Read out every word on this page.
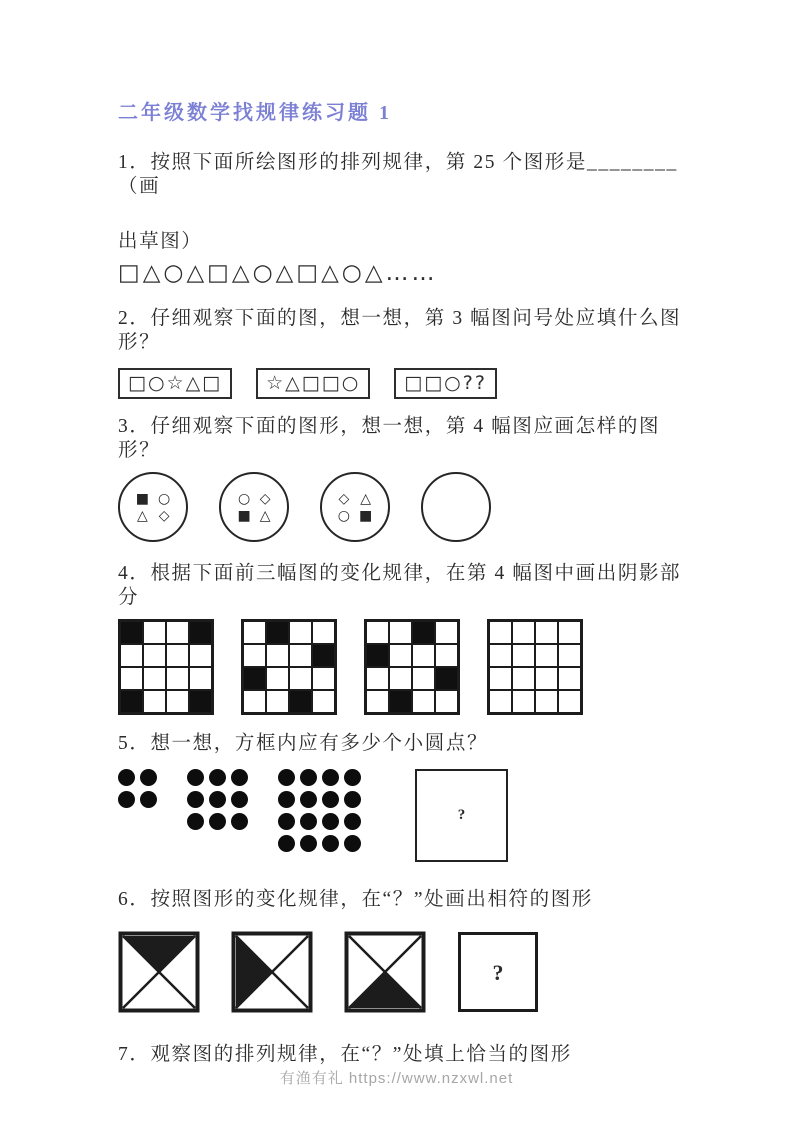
二年级数学找规律练习题 1

1．按照下面所绘图形的排列规律，第 25 个图形是________（画

出草图）

□△○△□△○△□△○△……

2．仔细观察下面的图，想一想，第 3 幅图问号处应填什么图形？

□○☆△□	☆△□□○	□□○??

3．仔细观察下面的图形，想一想，第 4 幅图应画怎样的图形？

■ ○
△ ◇
○ ◇
■ △
◇ △
○ ■

4．根据下面前三幅图的变化规律，在第 4 幅图中画出阴影部分

5．想一想，方框内应有多少个小圆点？

?

6．按照图形的变化规律，在“？”处画出相符的图形

?

7．观察图的排列规律，在“？”处填上恰当的图形

有渔有礼 https://www.nzxwl.net
